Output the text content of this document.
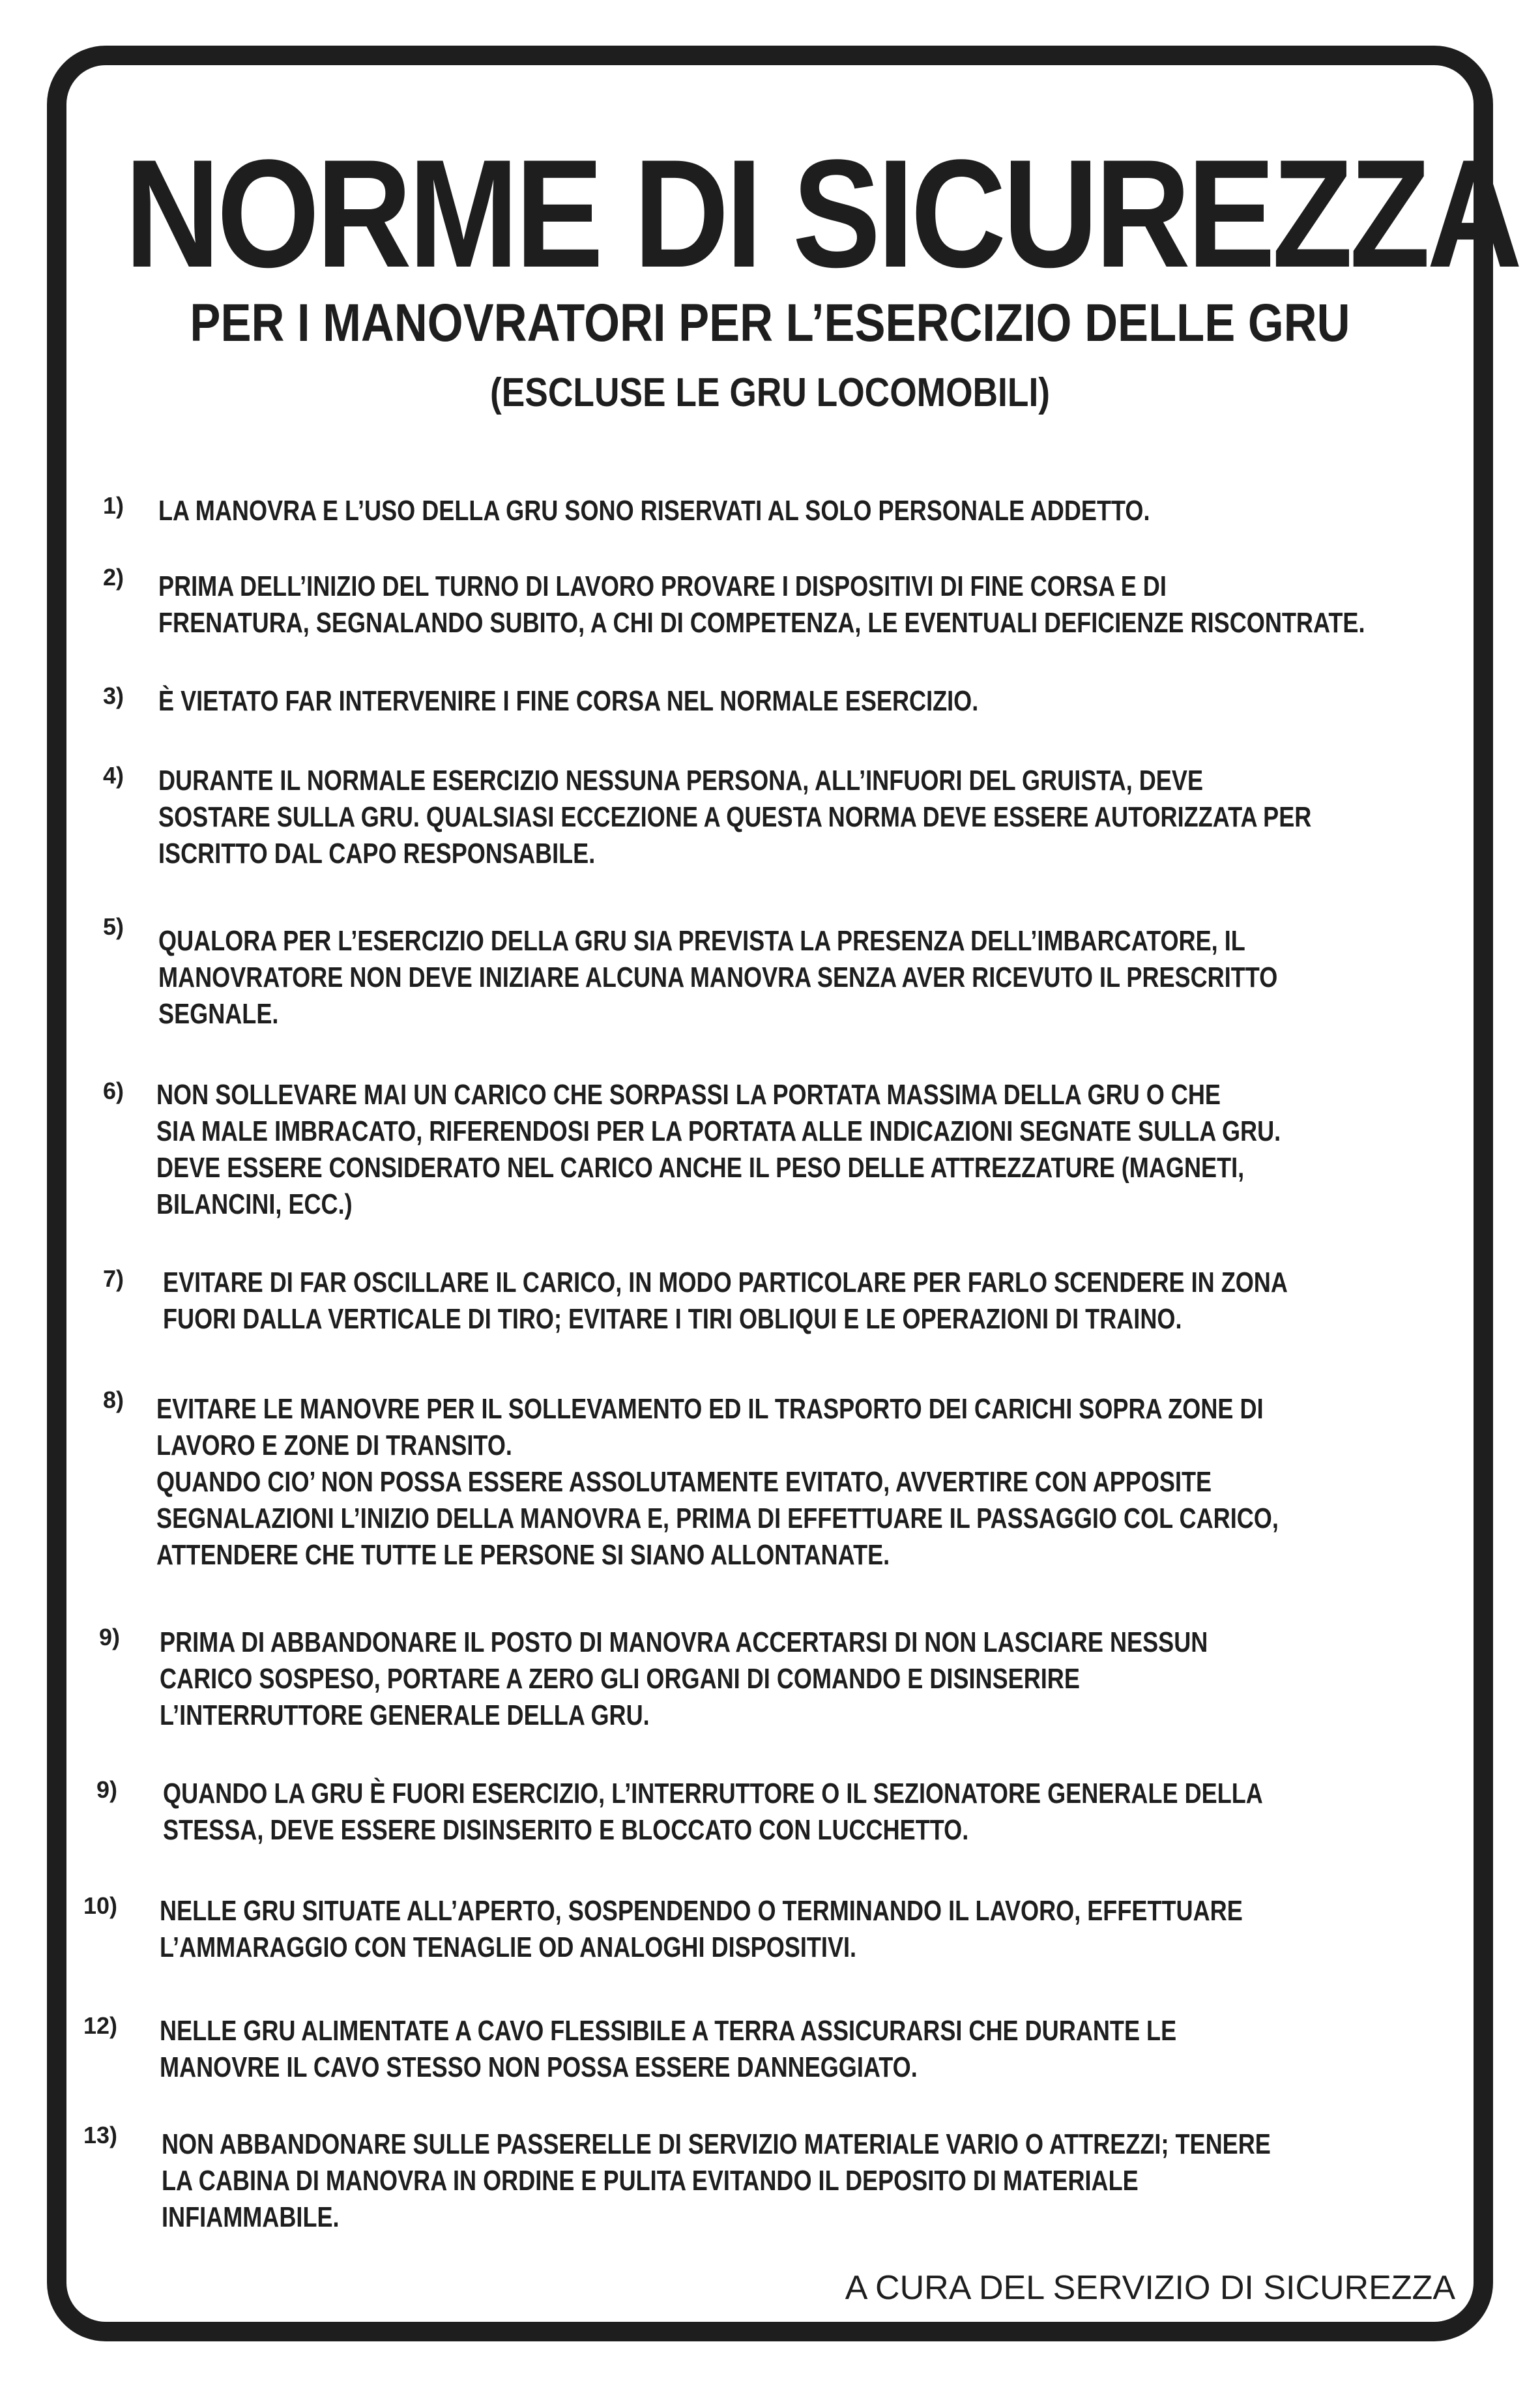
NORME DI SICUREZZA
PER I MANOVRATORI PER L’ESERCIZIO DELLE GRU
(ESCLUSE LE GRU LOCOMOBILI)
1) LA MANOVRA E L’USO DELLA GRU SONO RISERVATI AL SOLO PERSONALE ADDETTO.

2) PRIMA DELL’INIZIO DEL TURNO DI LAVORO PROVARE I DISPOSITIVI DI FINE CORSA E DI
FRENATURA, SEGNALANDO SUBITO, A CHI DI COMPETENZA, LE EVENTUALI DEFICIENZE RISCONTRATE.

3) È VIETATO FAR INTERVENIRE I FINE CORSA NEL NORMALE ESERCIZIO.

4) DURANTE IL NORMALE ESERCIZIO NESSUNA PERSONA, ALL’INFUORI DEL GRUISTA, DEVE
SOSTARE SULLA GRU. QUALSIASI ECCEZIONE A QUESTA NORMA DEVE ESSERE AUTORIZZATA PER
ISCRITTO DAL CAPO RESPONSABILE.

5) QUALORA PER L’ESERCIZIO DELLA GRU SIA PREVISTA LA PRESENZA DELL’IMBARCATORE, IL
MANOVRATORE NON DEVE INIZIARE ALCUNA MANOVRA SENZA AVER RICEVUTO IL PRESCRITTO
SEGNALE.

6) NON SOLLEVARE MAI UN CARICO CHE SORPASSI LA PORTATA MASSIMA DELLA GRU O CHE
SIA MALE IMBRACATO, RIFERENDOSI PER LA PORTATA ALLE INDICAZIONI SEGNATE SULLA GRU.
DEVE ESSERE CONSIDERATO NEL CARICO ANCHE IL PESO DELLE ATTREZZATURE (MAGNETI,
BILANCINI, ECC.)

7) EVITARE DI FAR OSCILLARE IL CARICO, IN MODO PARTICOLARE PER FARLO SCENDERE IN ZONA
FUORI DALLA VERTICALE DI TIRO; EVITARE I TIRI OBLIQUI E LE OPERAZIONI DI TRAINO.

8) EVITARE LE MANOVRE PER IL SOLLEVAMENTO ED IL TRASPORTO DEI CARICHI SOPRA ZONE DI
LAVORO E ZONE DI TRANSITO.
QUANDO CIO’ NON POSSA ESSERE ASSOLUTAMENTE EVITATO, AVVERTIRE CON APPOSITE
SEGNALAZIONI L’INIZIO DELLA MANOVRA E, PRIMA DI EFFETTUARE IL PASSAGGIO COL CARICO,
ATTENDERE CHE TUTTE LE PERSONE SI SIANO ALLONTANATE.

9) PRIMA DI ABBANDONARE IL POSTO DI MANOVRA ACCERTARSI DI NON LASCIARE NESSUN
CARICO SOSPESO, PORTARE A ZERO GLI ORGANI DI COMANDO E DISINSERIRE
L’INTERRUTTORE GENERALE DELLA GRU.

9) QUANDO LA GRU È FUORI ESERCIZIO, L’INTERRUTTORE O IL SEZIONATORE GENERALE DELLA
STESSA, DEVE ESSERE DISINSERITO E BLOCCATO CON LUCCHETTO.

10) NELLE GRU SITUATE ALL’APERTO, SOSPENDENDO O TERMINANDO IL LAVORO, EFFETTUARE
L’AMMARAGGIO CON TENAGLIE OD ANALOGHI DISPOSITIVI.

12) NELLE GRU ALIMENTATE A CAVO FLESSIBILE A TERRA ASSICURARSI CHE DURANTE LE
MANOVRE IL CAVO STESSO NON POSSA ESSERE DANNEGGIATO.

13) NON ABBANDONARE SULLE PASSERELLE DI SERVIZIO MATERIALE VARIO O ATTREZZI; TENERE
LA CABINA DI MANOVRA IN ORDINE E PULITA EVITANDO IL DEPOSITO DI MATERIALE
INFIAMMABILE.

A CURA DEL SERVIZIO DI SICUREZZA
